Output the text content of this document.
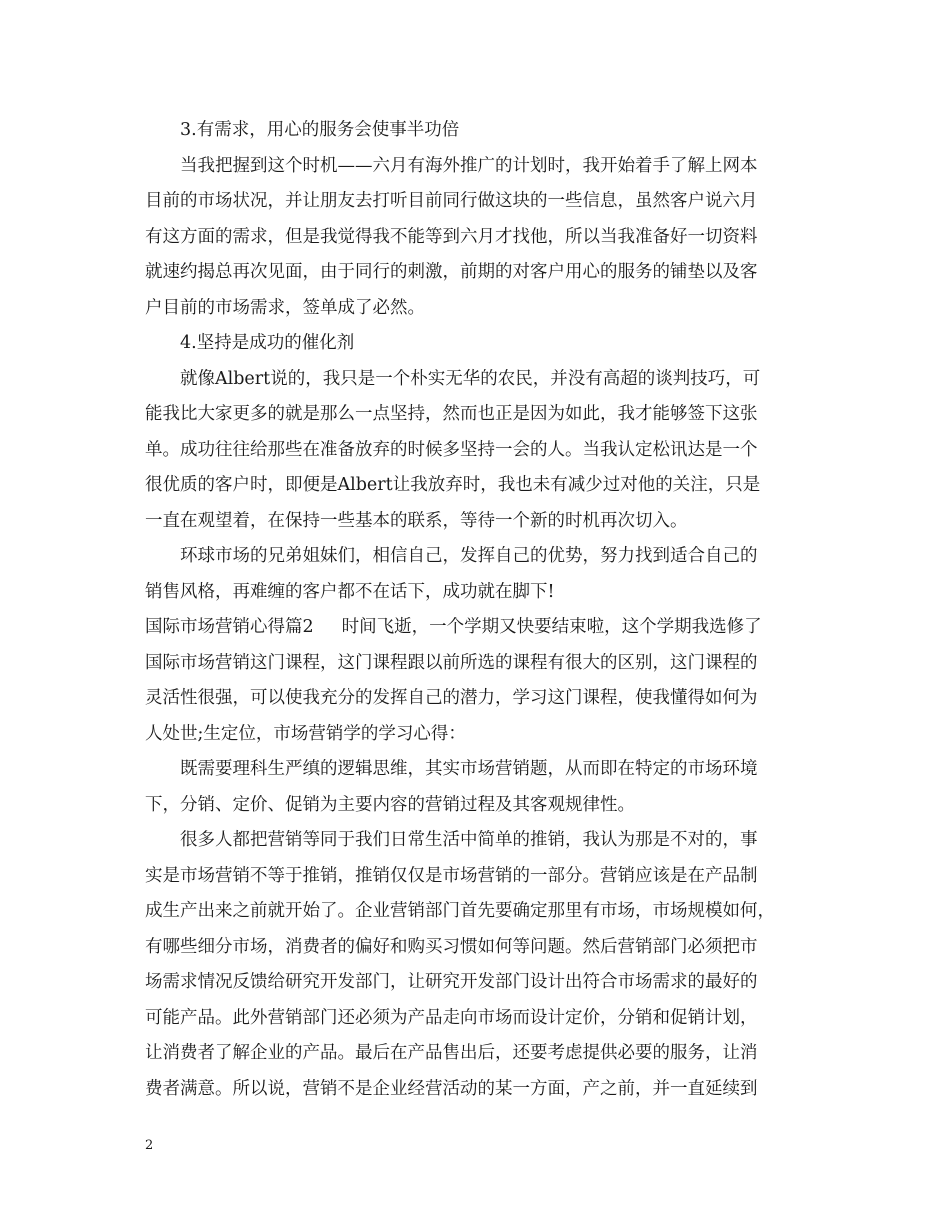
3.有需求，用心的服务会使事半功倍
当我把握到这个时机——六月有海外推广的计划时，我开始着手了解上网本
目前的市场状况，并让朋友去打听目前同行做这块的一些信息，虽然客户说六月
有这方面的需求，但是我觉得我不能等到六月才找他，所以当我准备好一切资料
就速约揭总再次见面，由于同行的刺激，前期的对客户用心的服务的铺垫以及客
户目前的市场需求，签单成了必然。
4.坚持是成功的催化剂
就像Albert说的，我只是一个朴实无华的农民，并没有高超的谈判技巧，可
能我比大家更多的就是那么一点坚持，然而也正是因为如此，我才能够签下这张
单。成功往往给那些在准备放弃的时候多坚持一会的人。当我认定松讯达是一个
很优质的客户时，即便是Albert让我放弃时，我也未有减少过对他的关注，只是
一直在观望着，在保持一些基本的联系，等待一个新的时机再次切入。
环球市场的兄弟姐妹们，相信自己，发挥自己的优势，努力找到适合自己的
销售风格，再难缠的客户都不在话下，成功就在脚下!
国际市场营销心得篇2 时间飞逝，一个学期又快要结束啦，这个学期我选修了
国际市场营销这门课程，这门课程跟以前所选的课程有很大的区别，这门课程的
灵活性很强，可以使我充分的发挥自己的潜力，学习这门课程，使我懂得如何为
人处世;生定位，市场营销学的学习心得：
既需要理科生严缜的逻辑思维，其实市场营销题，从而即在特定的市场环境
下，分销、定价、促销为主要内容的营销过程及其客观规律性。
很多人都把营销等同于我们日常生活中简单的推销，我认为那是不对的，事
实是市场营销不等于推销，推销仅仅是市场营销的一部分。营销应该是在产品制
成生产出来之前就开始了。企业营销部门首先要确定那里有市场，市场规模如何，
有哪些细分市场，消费者的偏好和购买习惯如何等问题。然后营销部门必须把市
场需求情况反馈给研究开发部门，让研究开发部门设计出符合市场需求的最好的
可能产品。此外营销部门还必须为产品走向市场而设计定价，分销和促销计划，
让消费者了解企业的产品。最后在产品售出后，还要考虑提供必要的服务，让消
费者满意。所以说，营销不是企业经营活动的某一方面，产之前，并一直延续到
2
